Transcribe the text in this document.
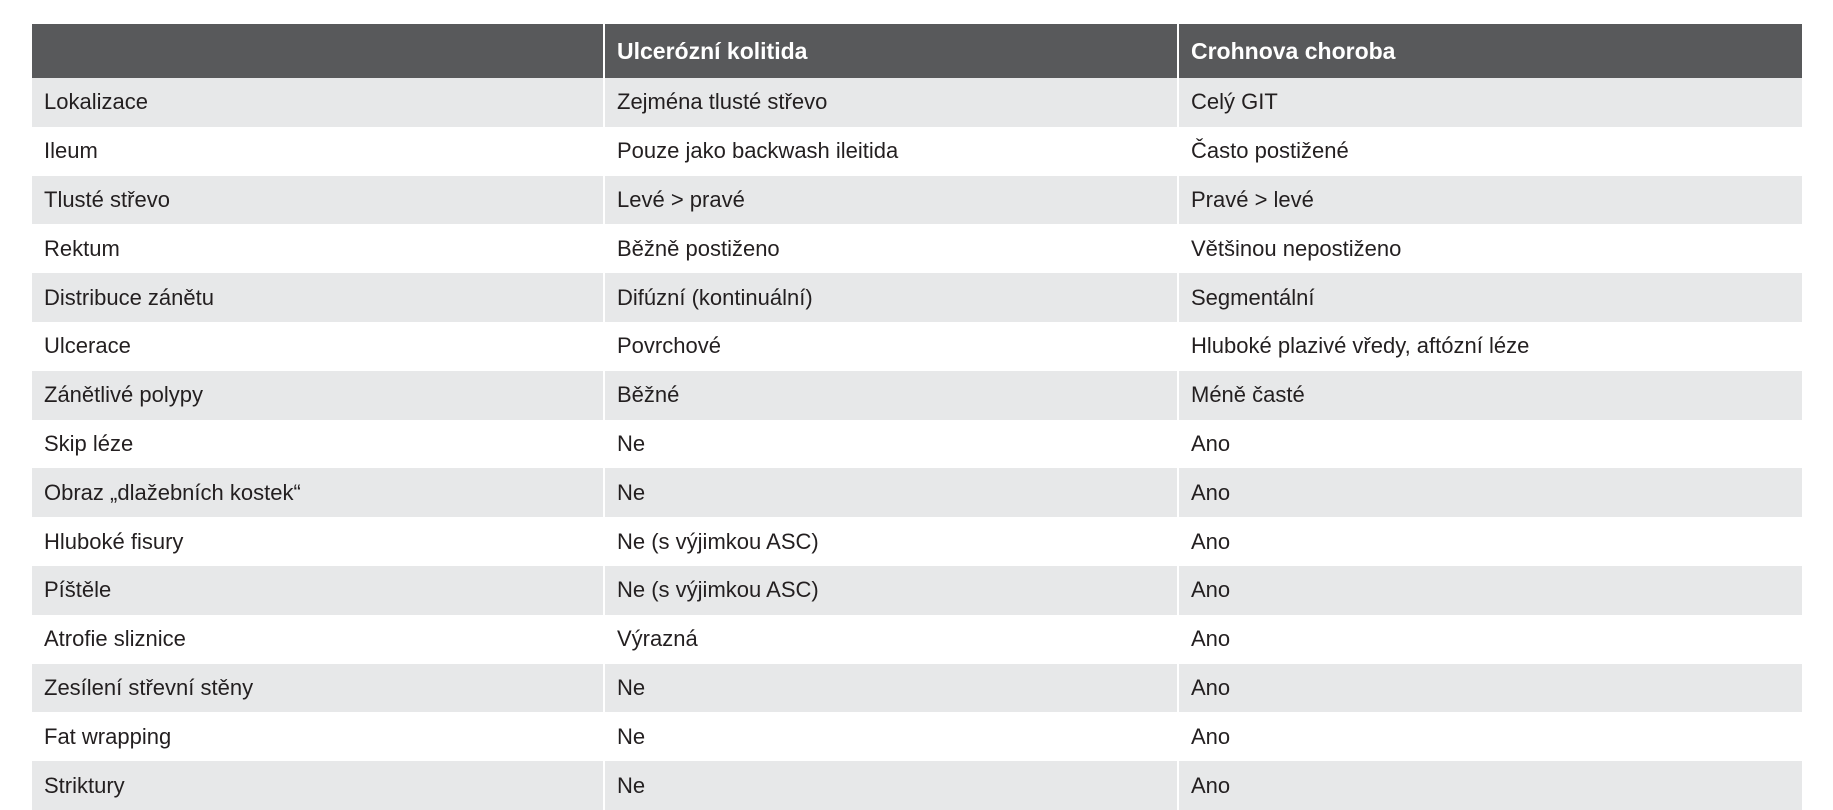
	Ulcerózní kolitida	Crohnova choroba
Lokalizace	Zejména tlusté střevo	Celý GIT
Ileum	Pouze jako backwash ileitida	Často postižené
Tlusté střevo	Levé > pravé	Pravé > levé
Rektum	Běžně postiženo	Většinou nepostiženo
Distribuce zánětu	Difúzní (kontinuální)	Segmentální
Ulcerace	Povrchové	Hluboké plazivé vředy, aftózní léze
Zánětlivé polypy	Běžné	Méně časté
Skip léze	Ne	Ano
Obraz „dlažebních kostek“	Ne	Ano
Hluboké fisury	Ne (s výjimkou ASC)	Ano
Píštěle	Ne (s výjimkou ASC)	Ano
Atrofie sliznice	Výrazná	Ano
Zesílení střevní stěny	Ne	Ano
Fat wrapping	Ne	Ano
Striktury	Ne	Ano
